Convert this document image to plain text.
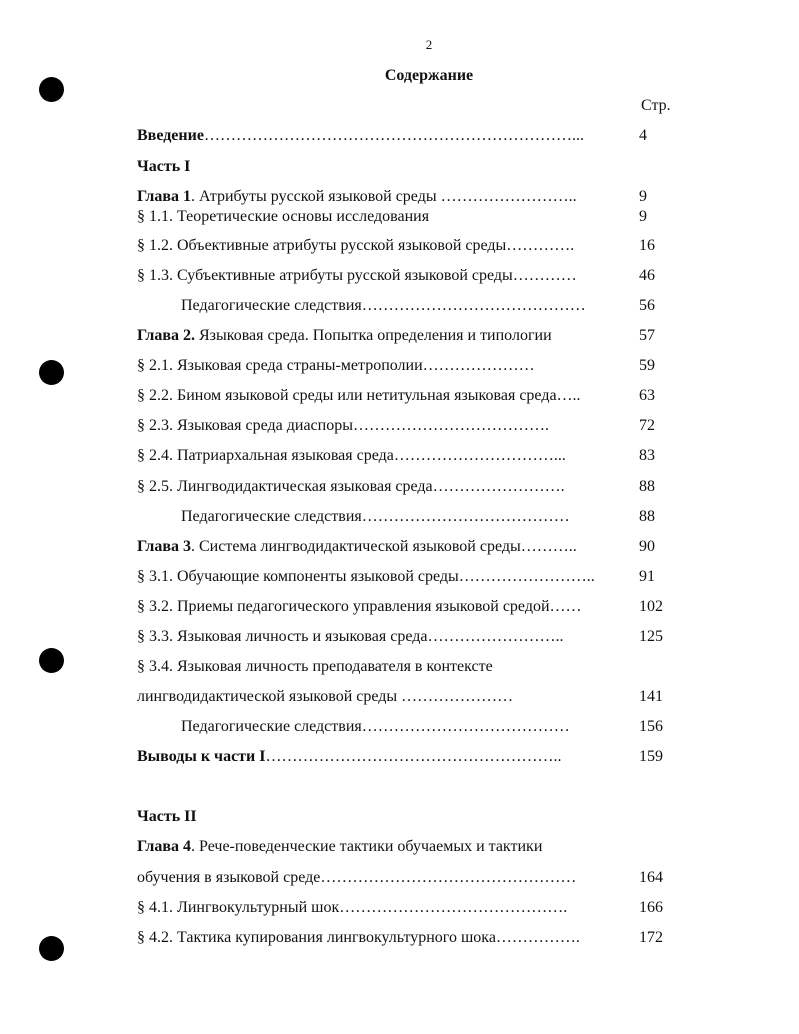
2
Содержание
Стр.
Введение……………………………………………………………...	4
Часть I
Глава 1. Атрибуты русской языковой среды ……………………..	9
§ 1.1. Теоретические основы исследования	9
§ 1.2. Объективные атрибуты русской языковой среды………….	16
§ 1.3. Субъективные атрибуты русской языковой среды…………	46
Педагогические следствия……………………………………	56
Глава 2. Языковая среда. Попытка определения и типологии	57
§ 2.1. Языковая среда страны-метрополии…………………	59
§ 2.2. Бином языковой среды или нетитульная языковая среда…..	63
§ 2.3. Языковая среда диаспоры……………………………….	72
§ 2.4. Патриархальная языковая среда…………………………...	83
§ 2.5. Лингводидактическая языковая среда…………………….	88
Педагогические следствия…………………………………	88
Глава 3. Система лингводидактической языковой среды………..	90
§ 3.1. Обучающие компоненты языковой среды……………………..	91
§ 3.2. Приемы педагогического управления языковой средой……	102
§ 3.3. Языковая личность и языковая среда……………………..	125
§ 3.4. Языковая личность преподавателя в контексте
лингводидактической языковой среды …………………	141
Педагогические следствия…………………………………	156
Выводы к части I………………………………………………..	159
Часть II
Глава 4. Рече-поведенческие тактики обучаемых и тактики
обучения в языковой среде…………………………………………	164
§ 4.1. Лингвокультурный шок…………………………………….	166
§ 4.2. Тактика купирования лингвокультурного шока…………….	172
